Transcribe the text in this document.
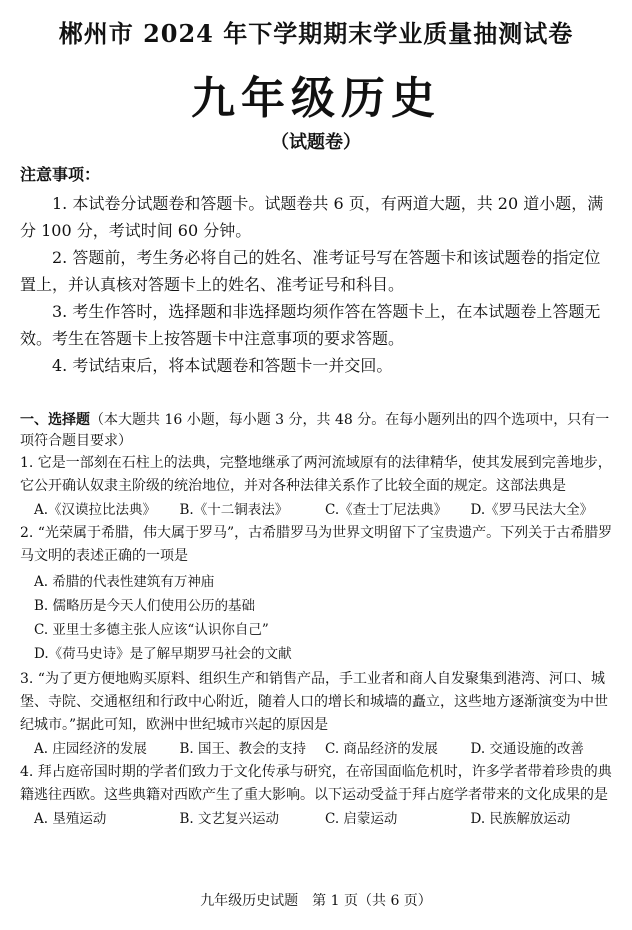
郴州市 2024 年下学期期末学业质量抽测试卷
九年级历史
（试题卷）
注意事项：

1. 本试卷分试题卷和答题卡。试题卷共 6 页，有两道大题，共 20 道小题，满分 100 分，考试时间 60 分钟。

2. 答题前，考生务必将自己的姓名、准考证号写在答题卡和该试题卷的指定位置上，并认真核对答题卡上的姓名、准考证号和科目。

3. 考生作答时，选择题和非选择题均须作答在答题卡上，在本试题卷上答题无效。考生在答题卡上按答题卡中注意事项的要求答题。

4. 考试结束后，将本试题卷和答题卡一并交回。

一、选择题（本大题共 16 小题，每小题 3 分，共 48 分。在每小题列出的四个选项中，只有一项符合题目要求）

1. 它是一部刻在石柱上的法典，完整地继承了两河流域原有的法律精华，使其发展到完善地步，它公开确认奴隶主阶级的统治地位，并对各种法律关系作了比较全面的规定。这部法典是

A.《汉谟拉比法典》	B.《十二铜表法》	C.《查士丁尼法典》	D.《罗马民法大全》

2. “光荣属于希腊，伟大属于罗马”，古希腊罗马为世界文明留下了宝贵遗产。下列关于古希腊罗马文明的表述正确的一项是

A. 希腊的代表性建筑有万神庙
B. 儒略历是今天人们使用公历的基础
C. 亚里士多德主张人应该“认识你自己”
D.《荷马史诗》是了解早期罗马社会的文献

3. “为了更方便地购买原料、组织生产和销售产品，手工业者和商人自发聚集到港湾、河口、城堡、寺院、交通枢纽和行政中心附近，随着人口的增长和城墙的矗立，这些地方逐渐演变为中世纪城市。”据此可知，欧洲中世纪城市兴起的原因是

A. 庄园经济的发展	B. 国王、教会的支持	C. 商品经济的发展	D. 交通设施的改善

4. 拜占庭帝国时期的学者们致力于文化传承与研究，在帝国面临危机时，许多学者带着珍贵的典籍逃往西欧。这些典籍对西欧产生了重大影响。以下运动受益于拜占庭学者带来的文化成果的是

A. 垦殖运动	B. 文艺复兴运动	C. 启蒙运动	D. 民族解放运动
九年级历史试题　第 1 页（共 6 页）
